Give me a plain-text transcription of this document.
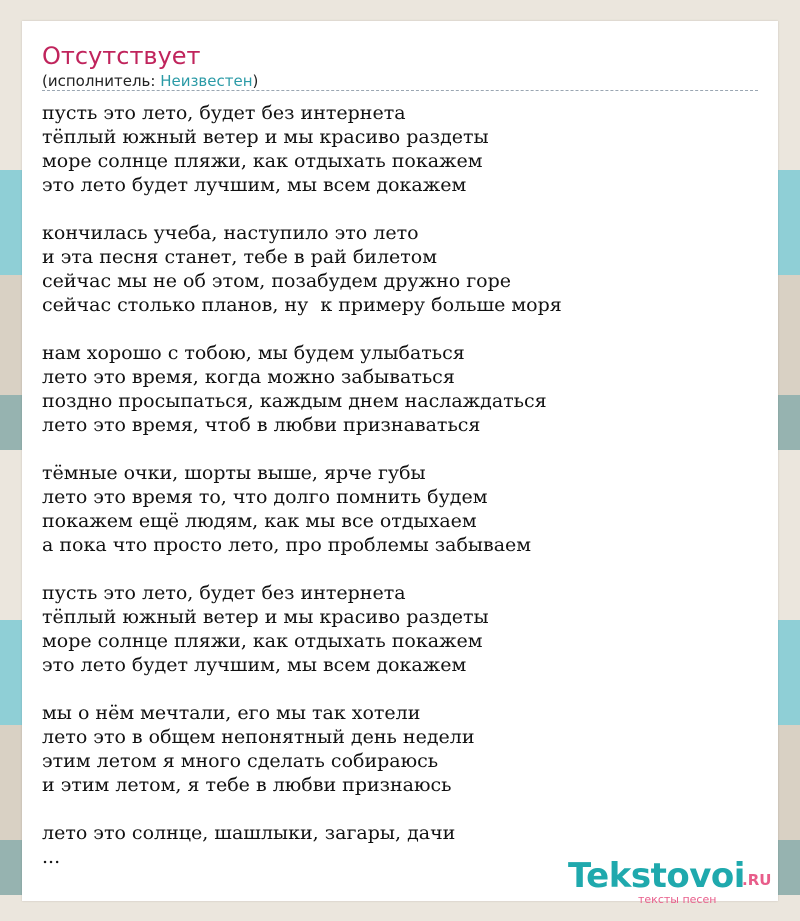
Отсутствует
(исполнитель: Неизвестен)
пусть это лето, будет без интернета
тёплый южный ветер и мы красиво раздеты
море солнце пляжи, как отдыхать покажем
это лето будет лучшим, мы всем докажем
кончилась учеба, наступило это лето
и эта песня станет, тебе в рай билетом
сейчас мы не об этом, позабудем дружно горе
сейчас столько планов, ну  к примеру больше моря
нам хорошо с тобою, мы будем улыбаться
лето это время, когда можно забываться
поздно просыпаться, каждым днем наслаждаться
лето это время, чтоб в любви признаваться
тёмные очки, шорты выше, ярче губы
лето это время то, что долго помнить будем
покажем ещё людям, как мы все отдыхаем
а пока что просто лето, про проблемы забываем
пусть это лето, будет без интернета
тёплый южный ветер и мы красиво раздеты
море солнце пляжи, как отдыхать покажем
это лето будет лучшим, мы всем докажем
мы о нём мечтали, его мы так хотели
лето это в общем непонятный день недели
этим летом я много сделать собираюсь
и этим летом, я тебе в любви признаюсь
лето это солнце, шашлыки, загары, дачи
...	Tekstovoi
.RU
тексты песен
